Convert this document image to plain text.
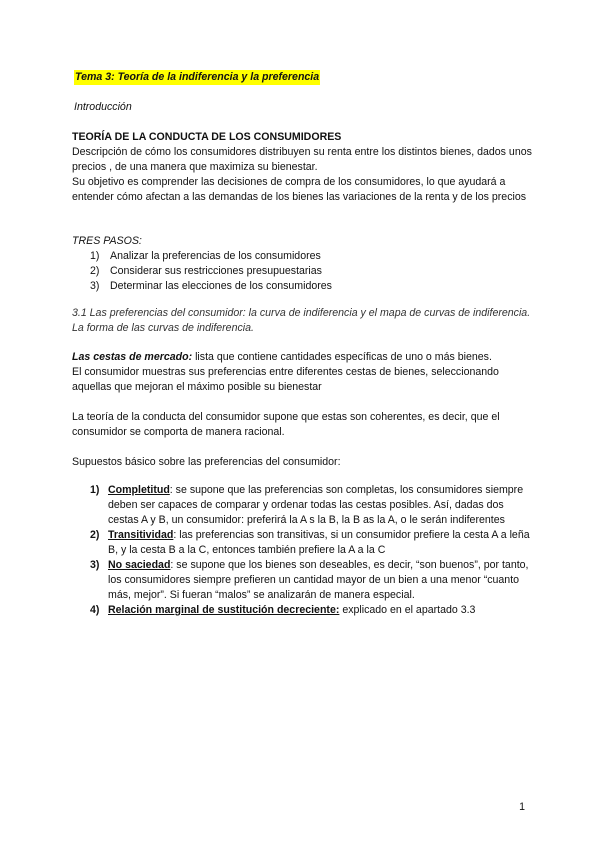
Tema 3: Teoría de la indiferencia y la preferencia
Introducción
TEORÍA DE LA CONDUCTA DE LOS CONSUMIDORES
Descripción de cómo los consumidores distribuyen su renta entre los distintos bienes, dados unos precios , de una manera que maximiza su bienestar.
Su objetivo es comprender las decisiones de compra de los consumidores, lo que ayudará a entender cómo afectan a las demandas de los bienes las variaciones de la renta y de los precios
TRES PASOS:
1) Analizar la preferencias de los consumidores
2) Considerar sus restricciones presupuestarias
3) Determinar las elecciones de los consumidores
3.1 Las preferencias del consumidor: la curva de indiferencia y el mapa de curvas de indiferencia. La forma de las curvas de indiferencia.
Las cestas de mercado: lista que contiene cantidades específicas de uno o más bienes.
El consumidor muestras sus preferencias entre diferentes cestas de bienes, seleccionando aquellas que mejoran el máximo posible su bienestar
La teoría de la conducta del consumidor supone que estas son coherentes, es decir, que el consumidor se comporta de manera racional.
Supuestos básico sobre las preferencias del consumidor:
1) Completitud: se supone que las preferencias son completas, los consumidores siempre deben ser capaces de comparar y ordenar todas las cestas posibles. Así, dadas dos cestas A y B, un consumidor: preferirá la A s la B, la B as la A, o le serán indiferentes
2) Transitividad: las preferencias son transitivas, si un consumidor prefiere la cesta A a leña B, y la cesta B a la C, entonces también prefiere la A a la C
3) No saciedad: se supone que los bienes son deseables, es decir, “son buenos”, por tanto, los consumidores siempre prefieren un cantidad mayor de un bien a una menor “cuanto más, mejor”. Si fueran “malos” se analizarán de manera especial.
4) Relación marginal de sustitución decreciente: explicado en el apartado 3.3
1
